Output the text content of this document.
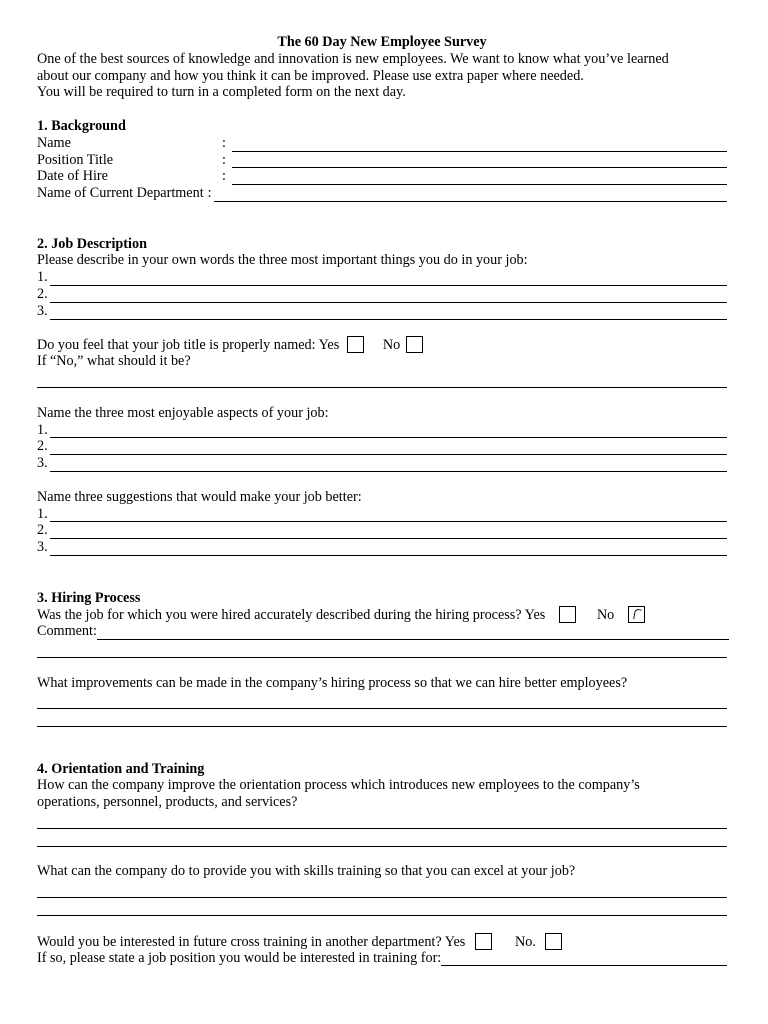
The 60 Day New Employee Survey
One of the best sources of knowledge and innovation is new employees. We want to know what you’ve learned
about our company and how you think it can be improved. Please use extra paper where needed.
You will be required to turn in a completed form on the next day.
1. Background
Name	:
Position Title	:
Date of Hire	:
Name of Current Department :
2. Job Description
Please describe in your own words the three most important things you do in your job:
1.
2.
3.
Do you feel that your job title is properly named: Yes	No
If “No,” what should it be?
Name the three most enjoyable aspects of your job:
1.
2.
3.
Name three suggestions that would make your job better:
1.
2.
3.
3. Hiring Process
Was the job for which you were hired accurately described during the hiring process? Yes	No
Comment:
What improvements can be made in the company’s hiring process so that we can hire better employees?
4. Orientation and Training
How can the company improve the orientation process which introduces new employees to the company’s
operations, personnel, products, and services?
What can the company do to provide you with skills training so that you can excel at your job?
Would you be interested in future cross training in another department? Yes	No.
If so, please state a job position you would be interested in training for:
